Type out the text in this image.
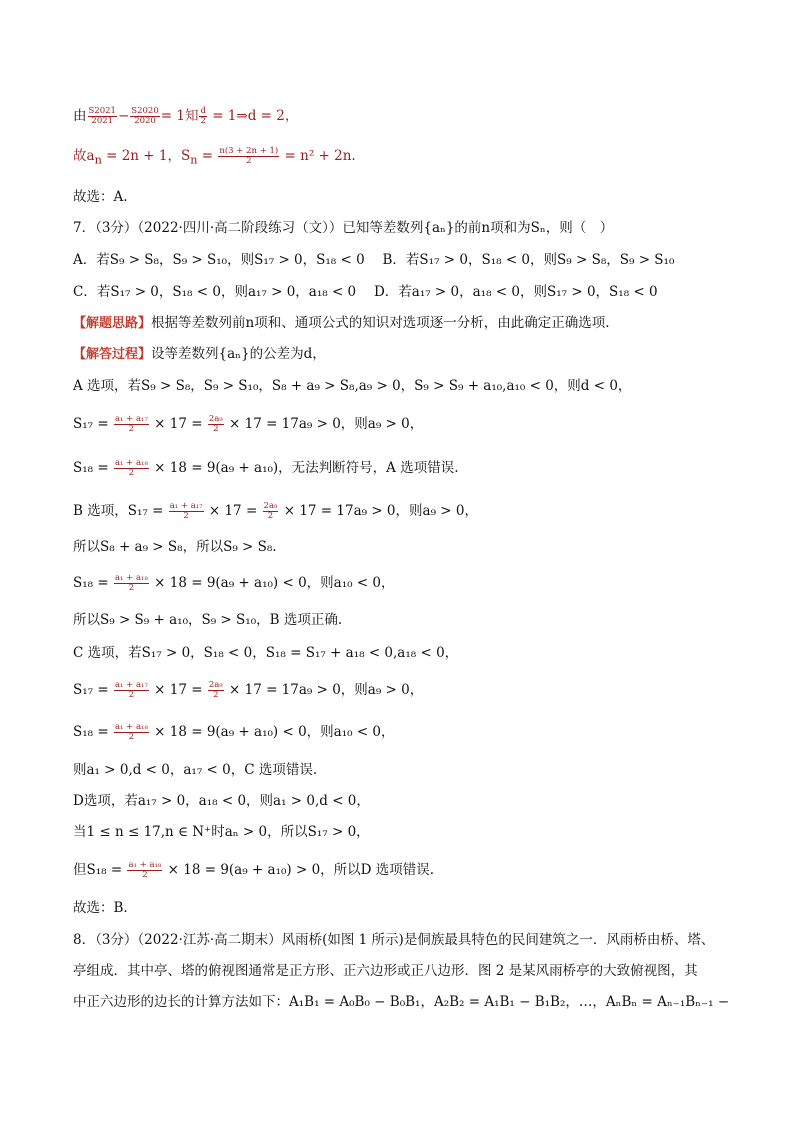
由 $\frac{S2021}{2021} - \frac{S2020}{2020} = 1$知 $\frac{d}{2}$ = 1⇒d = 2，
故$a_n = 2n + 1$，$S_n = \frac{n(3 + 2n + 1)}{2} = n^2 + 2n$.
故选：A.
7．（3分）（2022·四川·高二阶段练习（文））已知等差数列{aₙ}的前n项和为Sₙ，则（　）
A．若S₉ > S₈，S₉ > S₁₀，则S₁₇ > 0，S₁₈ < 0　 B．若S₁₇ > 0，S₁₈ < 0，则S₉ > S₈，S₉ > S₁₀
C．若S₁₇ > 0，S₁₈ < 0，则a₁₇ > 0，a₁₈ < 0　 D．若a₁₇ > 0，a₁₈ < 0，则S₁₇ > 0，S₁₈ < 0
【解题思路】根据等差数列前n项和、通项公式的知识对选项逐一分析，由此确定正确选项.
【解答过程】设等差数列{aₙ}的公差为d，
A 选项，若S₉ > S₈，S₉ > S₁₀，S₈ + a₉ > S₈,a₉ > 0，S₉ > S₉ + a₁₀,a₁₀ < 0，则d < 0，
$S_{17} = \frac{\text{a₁ + a₁₇}}{2} \times 17 = \frac{\text{2a₉}}{2} \times 17 = 17a_9 > 0$，则a₉ > 0，
$S_{18} = \frac{\text{a₁ + a₁₈}}{2} \times 18 = 9(a_9 + a_{10})$，无法判断符号，A 选项错误.
B 选项，$S_{17} = \frac{\text{a₁ + a₁₇}}{2} \times 17 = \frac{\text{2a₉}}{2} \times 17 = 17a_9 > 0$，则a₉ > 0，
所以S₈ + a₉ > S₈，所以S₉ > S₈.
$S_{18} = \frac{\text{a₁ + a₁₈}}{2} \times 18 = 9(a_9 + a_{10}) < 0$，则a₁₀ < 0，
所以S₉ > S₉ + a₁₀，S₉ > S₁₀，B 选项正确.
C 选项，若S₁₇ > 0，S₁₈ < 0，S₁₈ = S₁₇ + a₁₈ < 0,a₁₈ < 0，
$S_{17} = \frac{\text{a₁ + a₁₇}}{2} \times 17 = \frac{\text{2a₉}}{2} \times 17 = 17a_9 > 0$，则a₉ > 0，
$S_{18} = \frac{\text{a₁ + a₁₈}}{2} \times 18 = 9(a_9 + a_{10}) < 0$，则a₁₀ < 0，
则a₁ > 0,d < 0，a₁₇ < 0，C 选项错误.
D选项，若a₁₇ > 0，a₁₈ < 0，则a₁ > 0,d < 0，
当1 ≤ n ≤ 17,n ∈ N⁺时aₙ > 0，所以S₁₇ > 0，
但$S_{18} = \frac{\text{a₁ + a₁₈}}{2} \times 18 = 9(a_9 + a_{10}) > 0$，所以D 选项错误.
故选：B.
8．（3分）（2022·江苏·高二期末）风雨桥(如图 1 所示)是侗族最具特色的民间建筑之一．风雨桥由桥、塔、
亭组成．其中亭、塔的俯视图通常是正方形、正六边形或正八边形．图 2 是某风雨桥亭的大致俯视图，其
中正六边形的边长的计算方法如下：A₁B₁ = A₀B₀ − B₀B₁，A₂B₂ = A₁B₁ − B₁B₂，…，AₙBₙ = Aₙ₋₁Bₙ₋₁ −
